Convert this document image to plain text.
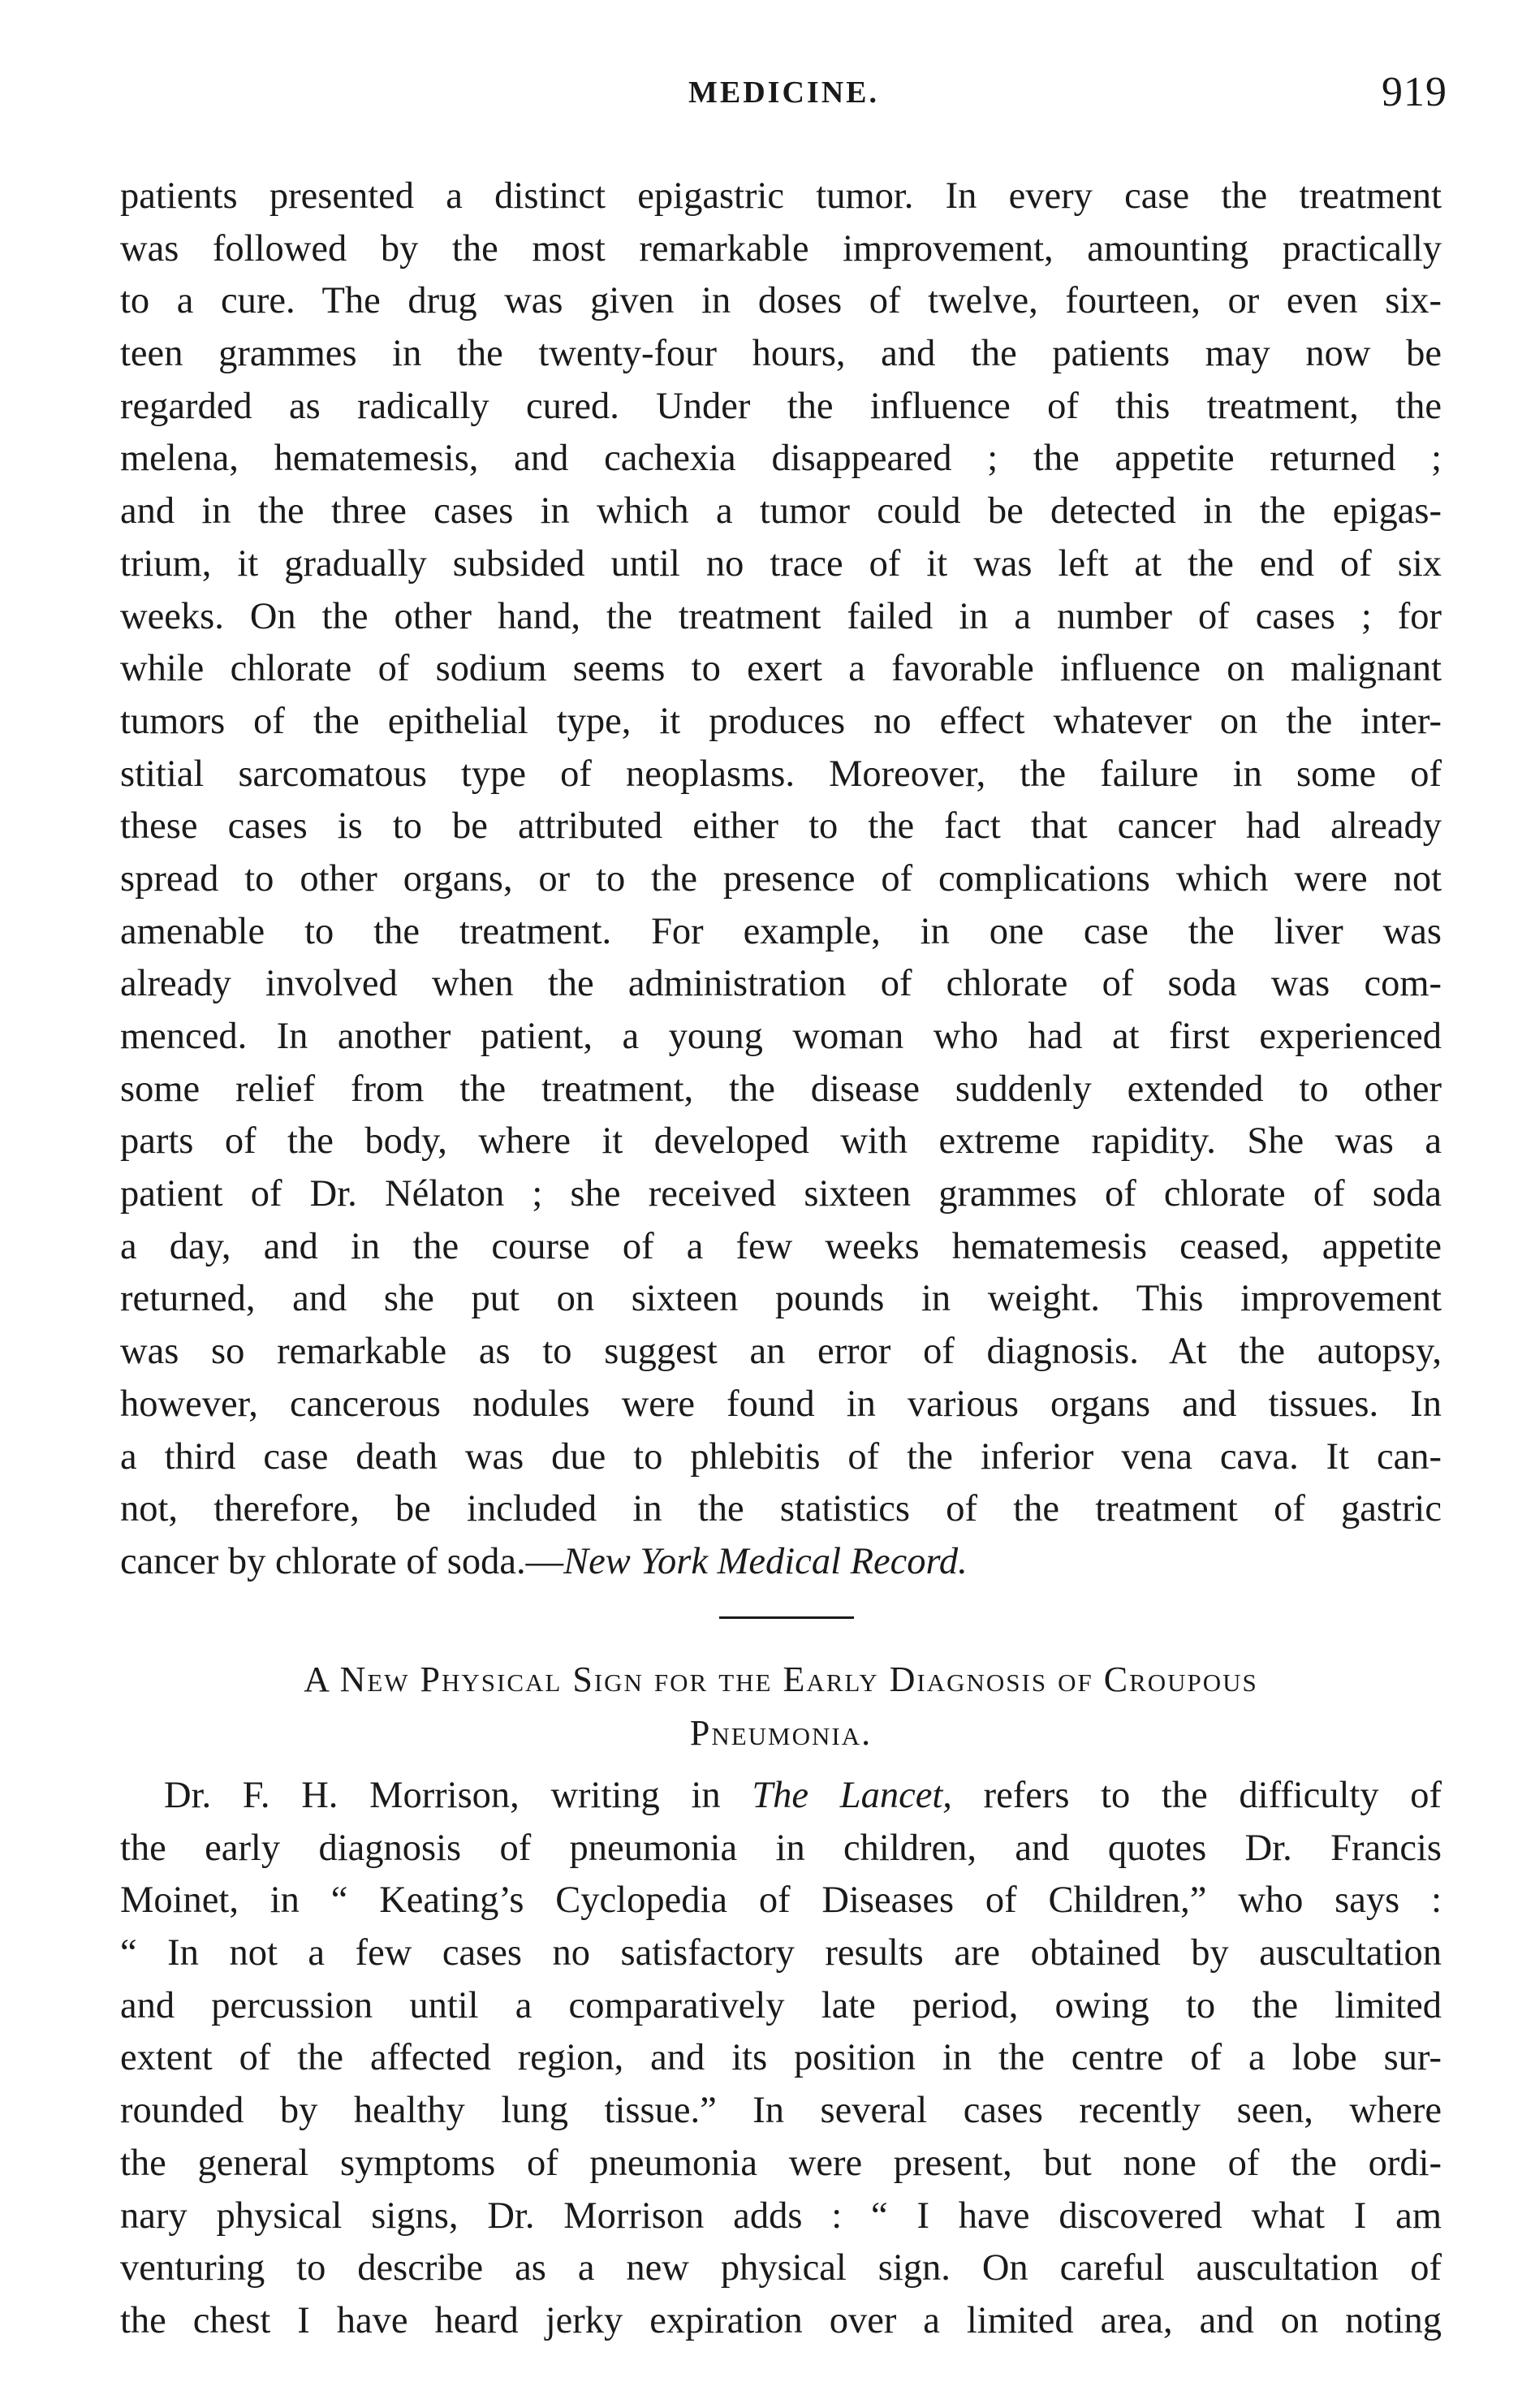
MEDICINE.	919
patients presented a distinct epigastric tumor. In every case the treatment
was followed by the most remarkable improvement, amounting practically
to a cure. The drug was given in doses of twelve, fourteen, or even six-
teen grammes in the twenty-four hours, and the patients may now be
regarded as radically cured. Under the influence of this treatment, the
melena, hematemesis, and cachexia disappeared ; the appetite returned ;
and in the three cases in which a tumor could be detected in the epigas-
trium, it gradually subsided until no trace of it was left at the end of six
weeks. On the other hand, the treatment failed in a number of cases ; for
while chlorate of sodium seems to exert a favorable influence on malignant
tumors of the epithelial type, it produces no effect whatever on the inter-
stitial sarcomatous type of neoplasms. Moreover, the failure in some of
these cases is to be attributed either to the fact that cancer had already
spread to other organs, or to the presence of complications which were not
amenable to the treatment. For example, in one case the liver was
already involved when the administration of chlorate of soda was com-
menced. In another patient, a young woman who had at first experienced
some relief from the treatment, the disease suddenly extended to other
parts of the body, where it developed with extreme rapidity. She was a
patient of Dr. Nélaton ; she received sixteen grammes of chlorate of soda
a day, and in the course of a few weeks hematemesis ceased, appetite
returned, and she put on sixteen pounds in weight. This improvement
was so remarkable as to suggest an error of diagnosis. At the autopsy,
however, cancerous nodules were found in various organs and tissues. In
a third case death was due to phlebitis of the inferior vena cava. It can-
not, therefore, be included in the statistics of the treatment of gastric
cancer by chlorate of soda.—New York Medical Record.
A New Physical Sign for the Early Diagnosis of Croupous
Pneumonia.
Dr. F. H. Morrison, writing in The Lancet, refers to the difficulty of
the early diagnosis of pneumonia in children, and quotes Dr. Francis
Moinet, in “ Keating’s Cyclopedia of Diseases of Children,” who says :
“ In not a few cases no satisfactory results are obtained by auscultation
and percussion until a comparatively late period, owing to the limited
extent of the affected region, and its position in the centre of a lobe sur-
rounded by healthy lung tissue.” In several cases recently seen, where
the general symptoms of pneumonia were present, but none of the ordi-
nary physical signs, Dr. Morrison adds : “ I have discovered what I am
venturing to describe as a new physical sign. On careful auscultation of
the chest I have heard jerky expiration over a limited area, and on noting
